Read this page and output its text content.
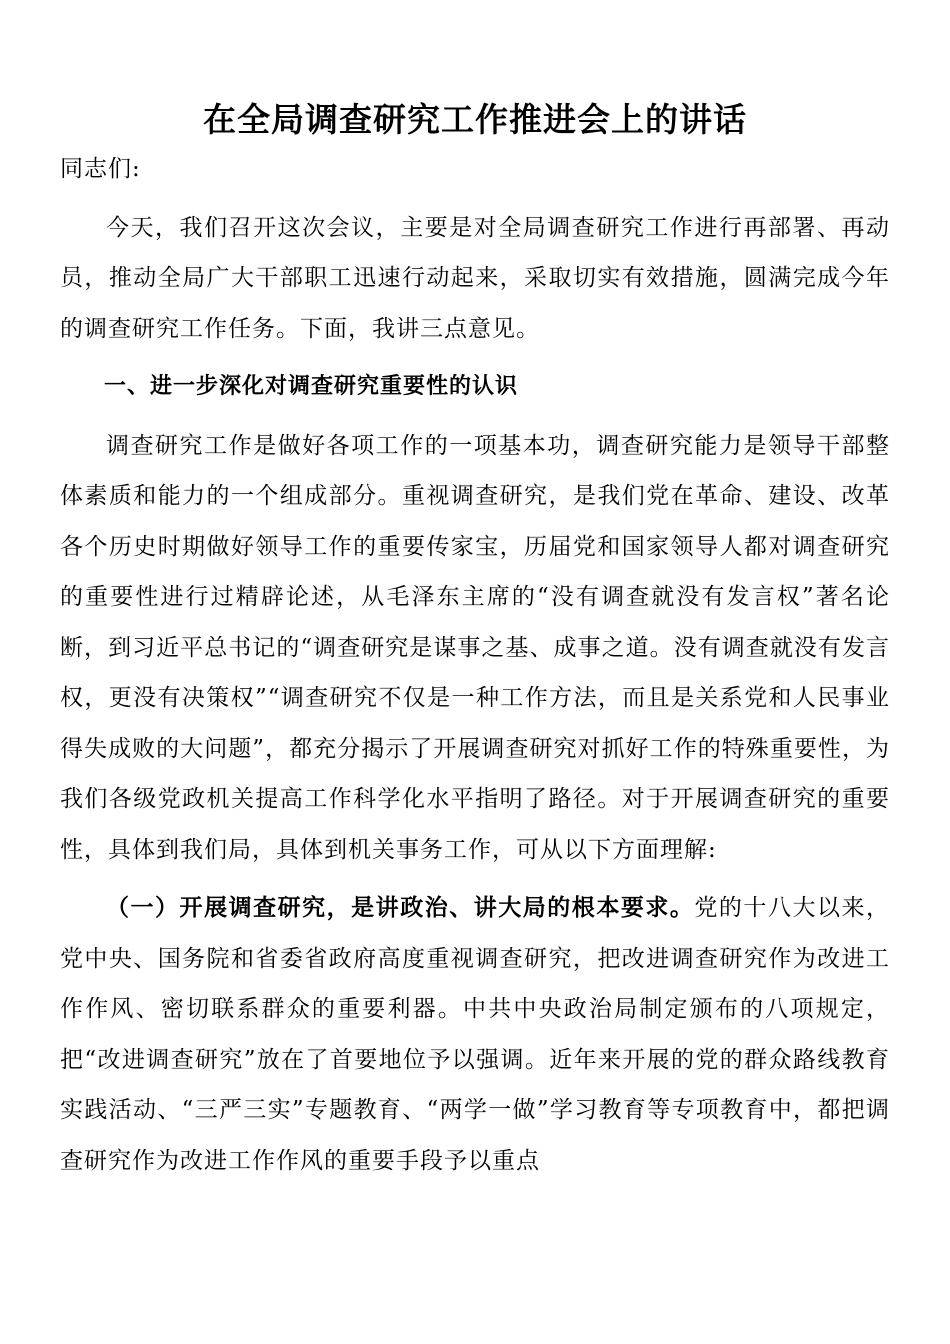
在全局调查研究工作推进会上的讲话

同志们:

今天，我们召开这次会议，主要是对全局调查研究工作进行再部署、再动员，推动全局广大干部职工迅速行动起来，采取切实有效措施，圆满完成今年的调查研究工作任务。下面，我讲三点意见。

一、进一步深化对调查研究重要性的认识

调查研究工作是做好各项工作的一项基本功，调查研究能力是领导干部整体素质和能力的一个组成部分。重视调查研究，是我们党在革命、建设、改革各个历史时期做好领导工作的重要传家宝，历届党和国家领导人都对调查研究的重要性进行过精辟论述，从毛泽东主席的“没有调查就没有发言权”著名论断，到习近平总书记的“调查研究是谋事之基、成事之道。没有调查就没有发言权，更没有决策权”“调查研究不仅是一种工作方法，而且是关系党和人民事业得失成败的大问题”，都充分揭示了开展调查研究对抓好工作的特殊重要性，为我们各级党政机关提高工作科学化水平指明了路径。对于开展调查研究的重要性，具体到我们局，具体到机关事务工作，可从以下方面理解:

（一）开展调查研究，是讲政治、讲大局的根本要求。党的十八大以来，党中央、国务院和省委省政府高度重视调查研究，把改进调查研究作为改进工作作风、密切联系群众的重要利器。中共中央政治局制定颁布的八项规定，把“改进调查研究”放在了首要地位予以强调。近年来开展的党的群众路线教育实践活动、“三严三实”专题教育、“两学一做”学习教育等专项教育中，都把调查研究作为改进工作作风的重要手段予以重点
